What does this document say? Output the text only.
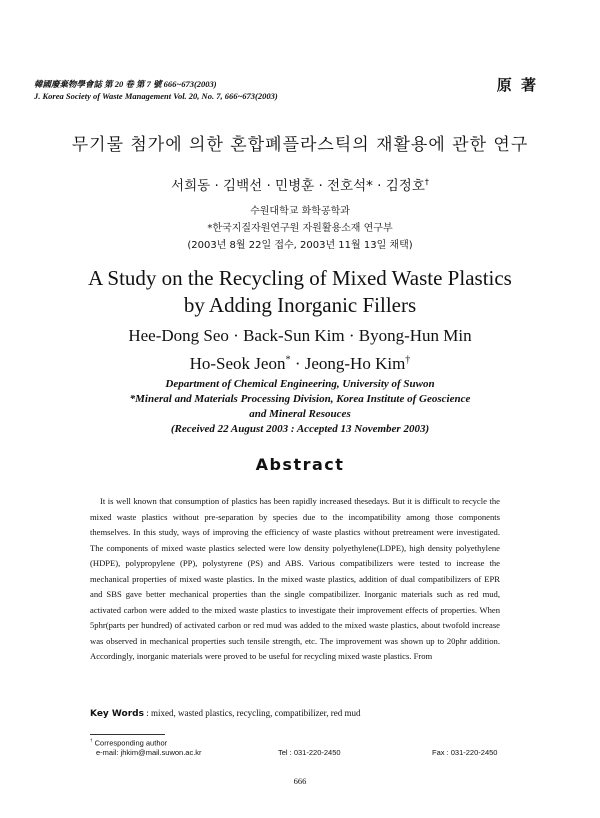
韓國廢棄物學會誌 第 20 卷 第 7 號 666~673(2003)
J. Korea Society of Waste Management Vol. 20, No. 7, 666~673(2003)
原 著
무기물 첨가에 의한 혼합폐플라스틱의 재활용에 관한 연구
서희동 · 김백선 · 민병훈 · 전호석* · 김정호†
수원대학교 화학공학과
*한국지질자원연구원 자원활용소재 연구부
(2003년 8월 22일 접수, 2003년 11월 13일 채택)
A Study on the Recycling of Mixed Waste Plastics
by Adding Inorganic Fillers
Hee-Dong Seo · Back-Sun Kim · Byong-Hun Min
Ho-Seok Jeon* · Jeong-Ho Kim†
Department of Chemical Engineering, University of Suwon
*Mineral and Materials Processing Division, Korea Institute of Geoscience
and Mineral Resouces
(Received 22 August 2003 : Accepted 13 November 2003)
Abstract
It is well known that consumption of plastics has been rapidly increased thesedays. But it is difficult to recycle the mixed waste plastics without pre-separation by species due to the incompatibility among those components themselves. In this study, ways of improving the efficiency of waste plastics without pretreament were investigated. The components of mixed waste plastics selected were low density polyethylene(LDPE), high density polyethylene (HDPE), polypropylene (PP), polystyrene (PS) and ABS. Various compatibilizers were tested to increase the mechanical properties of mixed waste plastics. In the mixed waste plastics, addition of dual compatibilizers of EPR and SBS gave better mechanical properties than the single compatibilizer. Inorganic materials such as red mud, activated carbon were added to the mixed waste plastics to investigate their improvement effects of properties. When 5phr(parts per hundred) of activated carbon or red mud was added to the mixed waste plastics, about twofold increase was observed in mechanical properties such tensile strength, etc. The improvement was shown up to 20phr addition. Accordingly, inorganic materials were proved to be useful for recycling mixed waste plastics. From
Key Words : mixed, wasted plastics, recycling, compatibilizer, red mud
† Corresponding author
e-mail: jhkim@mail.suwon.ac.kr	Tel : 031-220-2450	Fax : 031-220-2450
666
